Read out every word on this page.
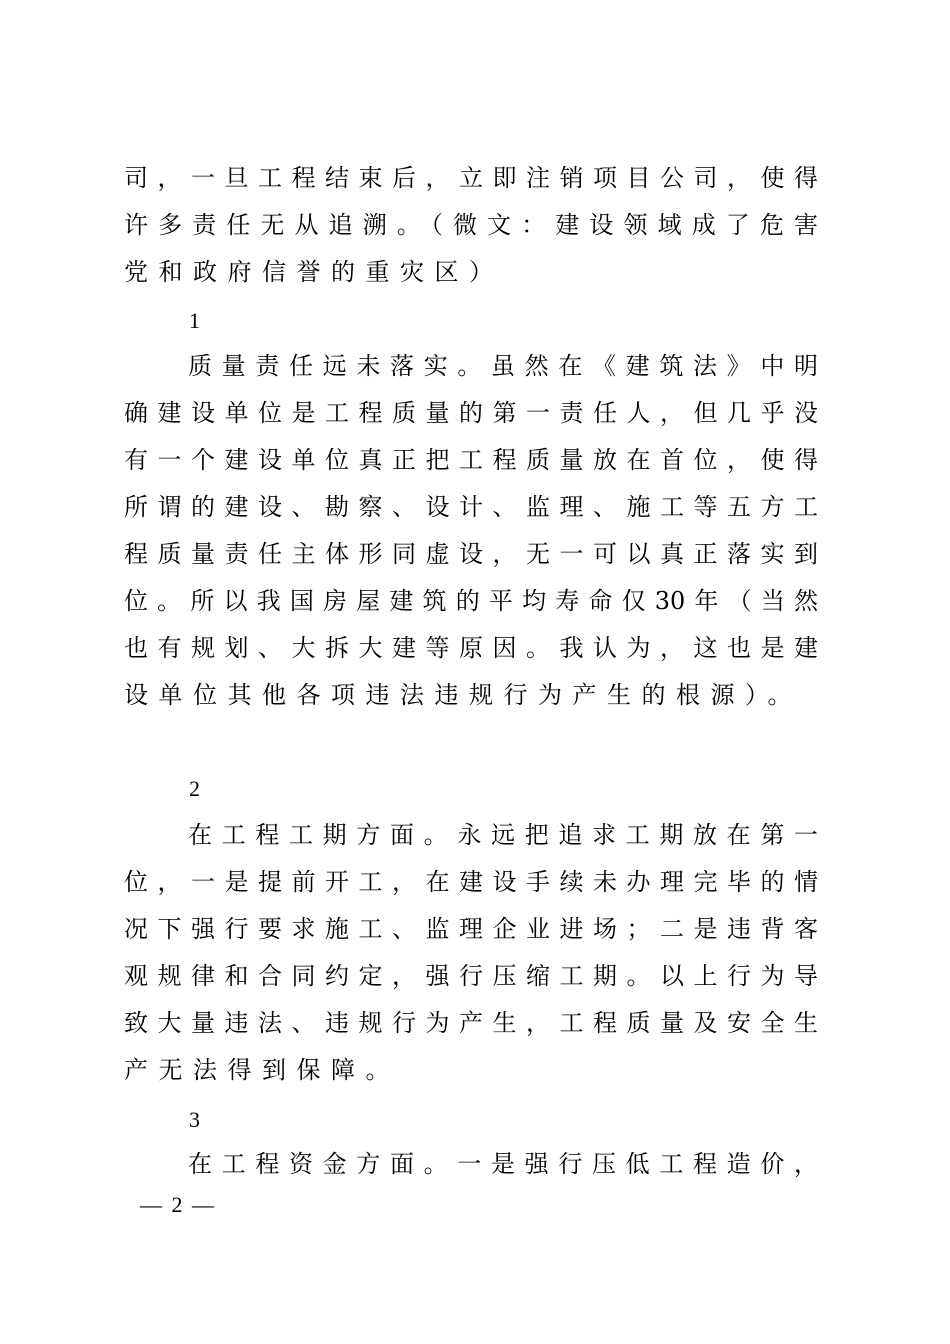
司，一旦工程结束后，立即注销项目公司，使得
许多责任无从追溯。（微文：建设领域成了危害
党和政府信誉的重灾区）
1
质量责任远未落实。虽然在《建筑法》中明
确建设单位是工程质量的第一责任人，但几乎没
有一个建设单位真正把工程质量放在首位，使得
所谓的建设、勘察、设计、监理、施工等五方工
程质量责任主体形同虚设，无一可以真正落实到
位。所以我国房屋建筑的平均寿命仅30年（当然
也有规划、大拆大建等原因。我认为，这也是建
设单位其他各项违法违规行为产生的根源）。
2
在工程工期方面。永远把追求工期放在第一
位，一是提前开工，在建设手续未办理完毕的情
况下强行要求施工、监理企业进场；二是违背客
观规律和合同约定，强行压缩工期。以上行为导
致大量违法、违规行为产生，工程质量及安全生
产无法得到保障。
3
在工程资金方面。一是强行压低工程造价，
— 2 —
